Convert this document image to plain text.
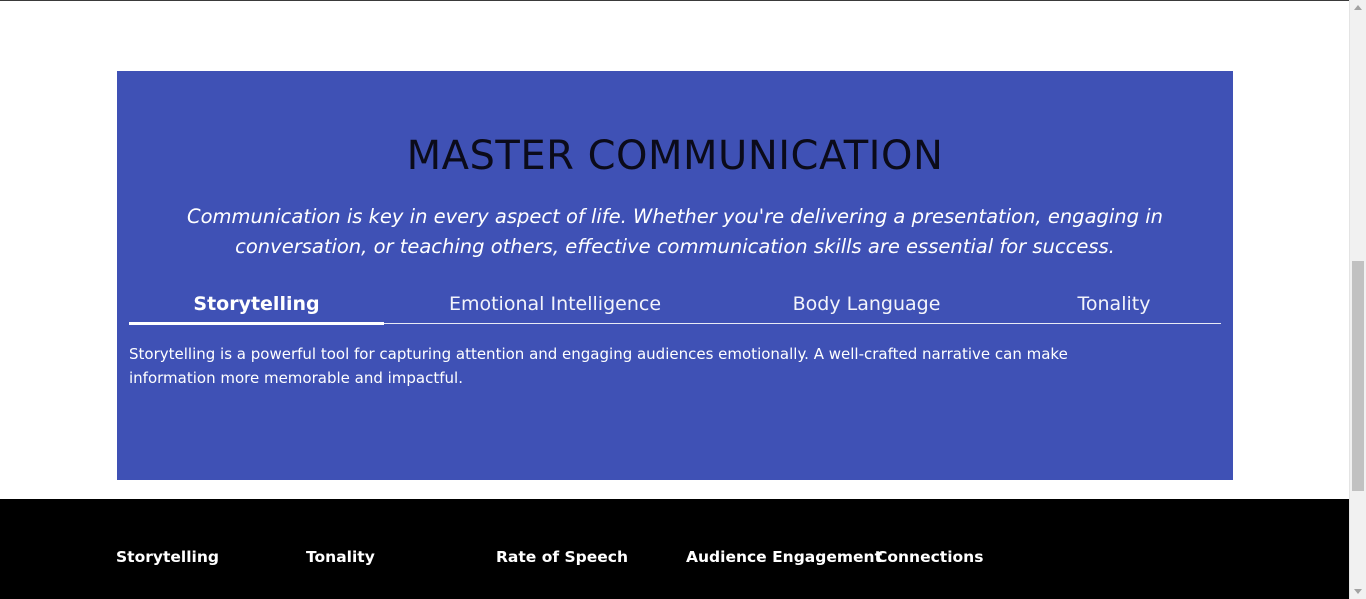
MASTER COMMUNICATION

Communication is key in every aspect of life. Whether you're delivering a presentation, engaging in conversation, or teaching others, effective communication skills are essential for success.

Storytelling	Emotional Intelligence	Body Language	Tonality

Storytelling is a powerful tool for capturing attention and engaging audiences emotionally. A well-crafted narrative can make information more memorable and impactful.

Storytelling	Tonality	Rate of Speech	Audience Engagement
Connections
